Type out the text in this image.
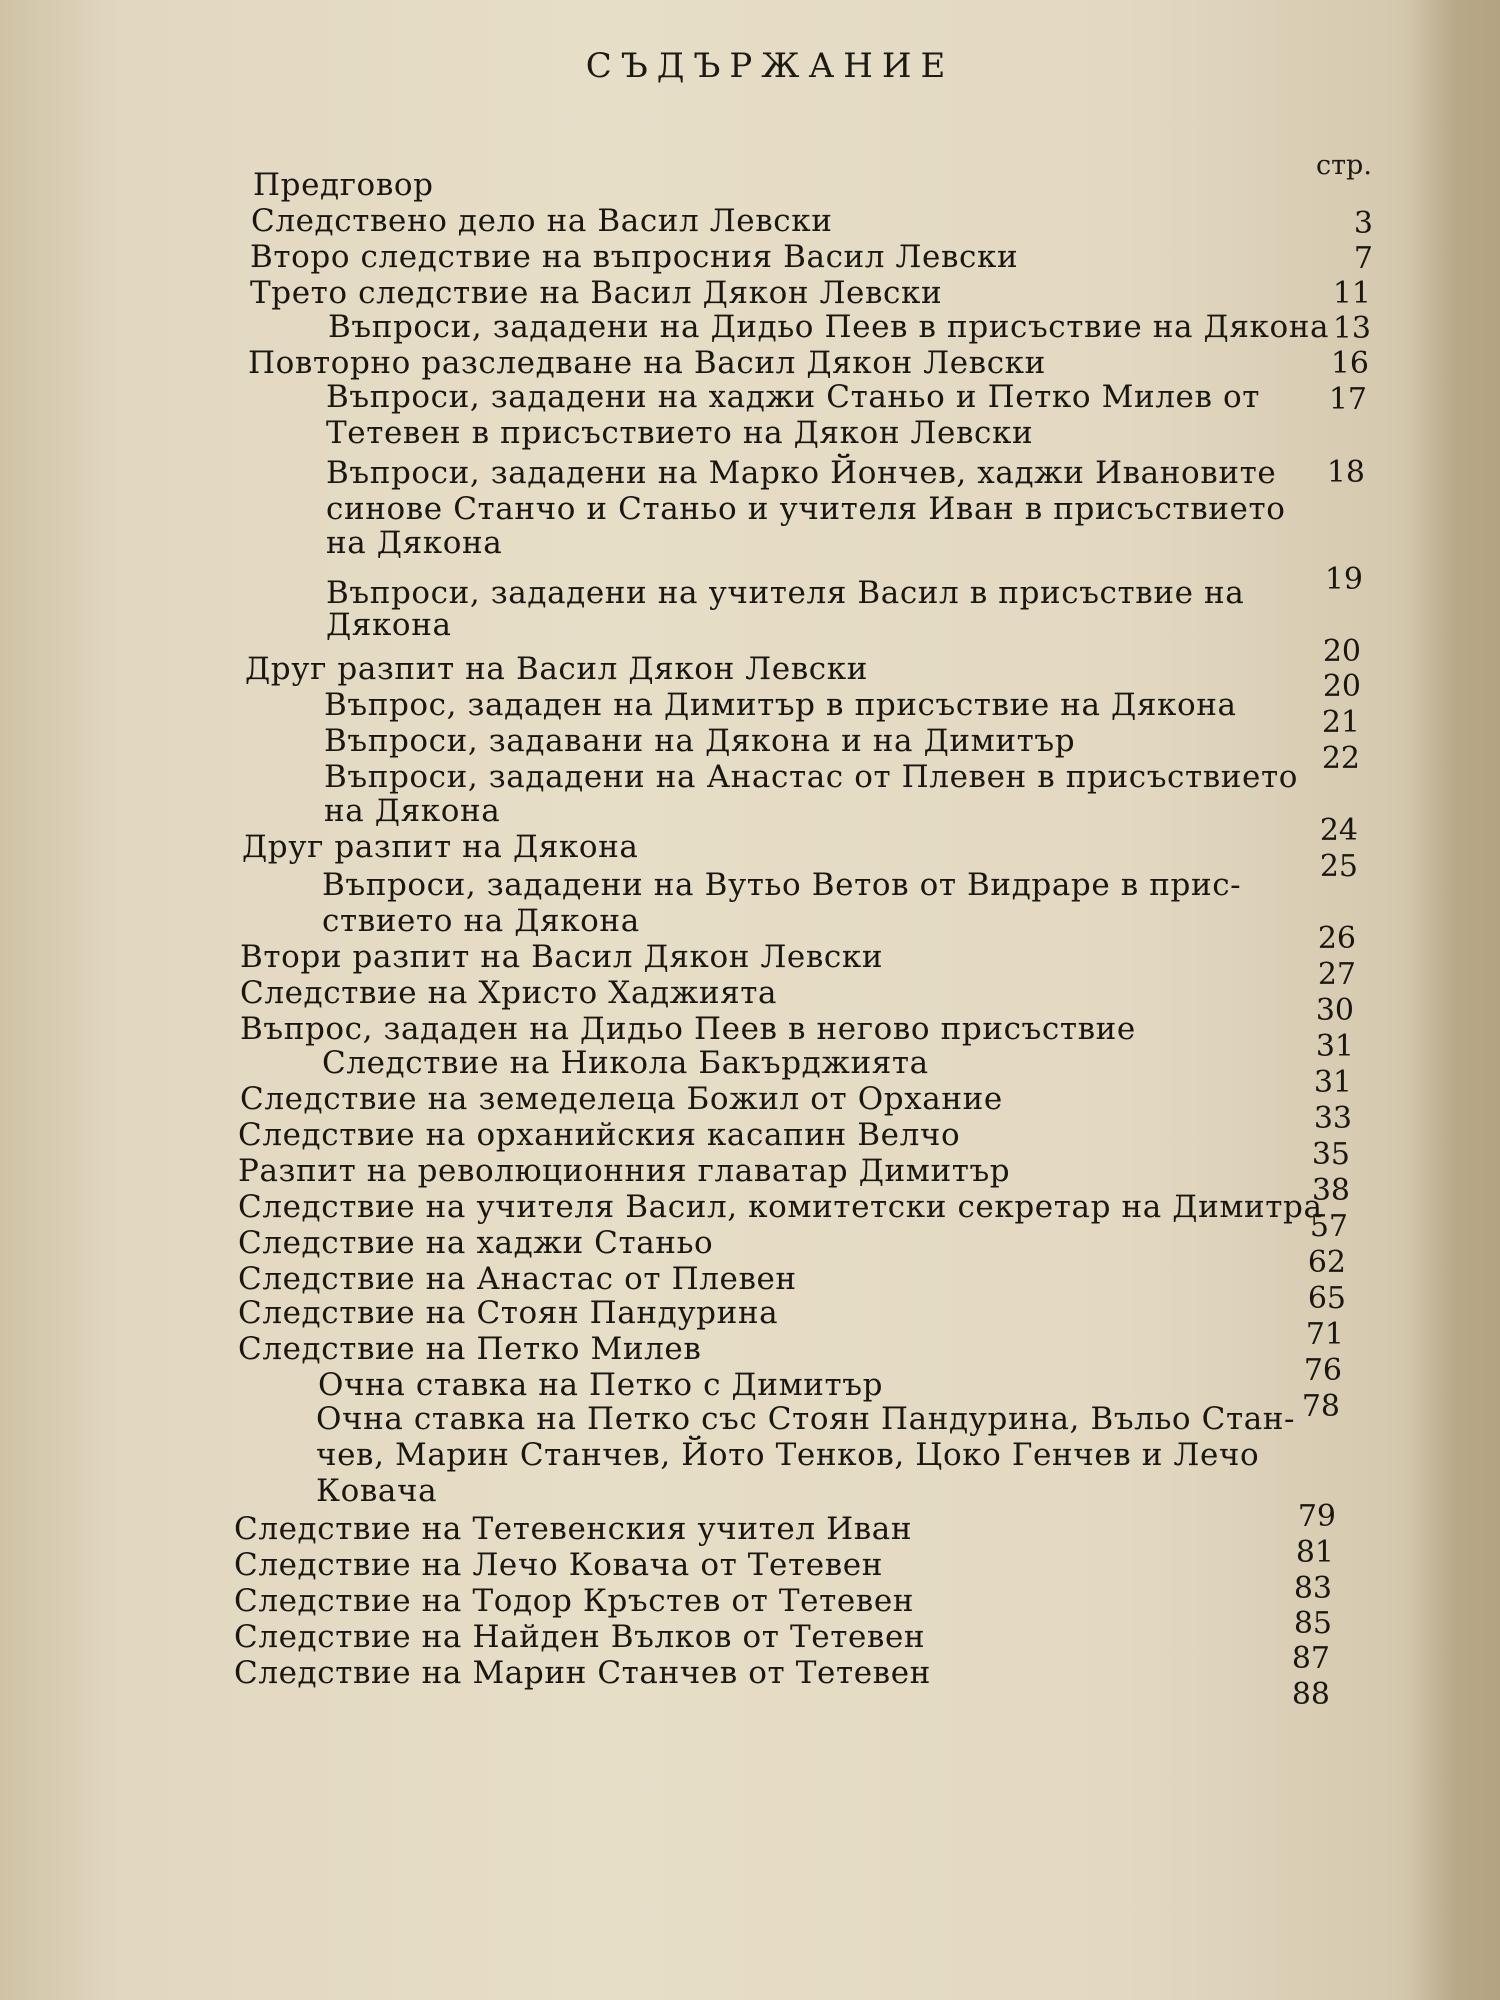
СЪДЪРЖАНИЕ
стр.
Предговор
Следствено дело на Васил Левски
Второ следствие на въпросния Васил Левски
Трето следствие на Васил Дякон Левски
Въпроси, зададени на Дидьо Пеев в присъствие на Дякона
Повторно разследване на Васил Дякон Левски
Въпроси, зададени на хаджи Станьо и Петко Милев от
Тетевен в присъствието на Дякон Левски
Въпроси, зададени на Марко Йончев, хаджи Ивановите
синове Станчо и Станьо и учителя Иван в присъствието
на Дякона
Въпроси, зададени на учителя Васил в присъствие на
Дякона
Друг разпит на Васил Дякон Левски
Въпрос, зададен на Димитър в присъствие на Дякона
Въпроси, задавани на Дякона и на Димитър
Въпроси, зададени на Анастас от Плевен в присъствието
на Дякона
Друг разпит на Дякона
Въпроси, зададени на Вутьо Ветов от Видраре в прис-
ствието на Дякона
Втори разпит на Васил Дякон Левски
Следствие на Христо Хаджията
Въпрос, зададен на Дидьо Пеев в негово присъствие
Следствие на Никола Бакърджията
Следствие на земеделеца Божил от Орхание
Следствие на орханийския касапин Велчо
Разпит на революционния главатар Димитър
Следствие на учителя Васил, комитетски секретар на Димитра
Следствие на хаджи Станьо
Следствие на Анастас от Плевен
Следствие на Стоян Пандурина
Следствие на Петко Милев
Очна ставка на Петко с Димитър
Очна ставка на Петко със Стоян Пандурина, Въльо Стан-
чев, Марин Станчев, Йото Тенков, Цоко Генчев и Лечо
Ковача
Следствие на Тетевенския учител Иван
Следствие на Лечо Ковача от Тетевен
Следствие на Тодор Кръстев от Тетевен
Следствие на Найден Вълков от Тетевен
Следствие на Марин Станчев от Тетевен
3
7
11
13
16
17
18
19
20
20
21
22
24
25
26
27
30
31
31
33
35
38
57
62
65
71
76
78
79
81
83
85
87
88
